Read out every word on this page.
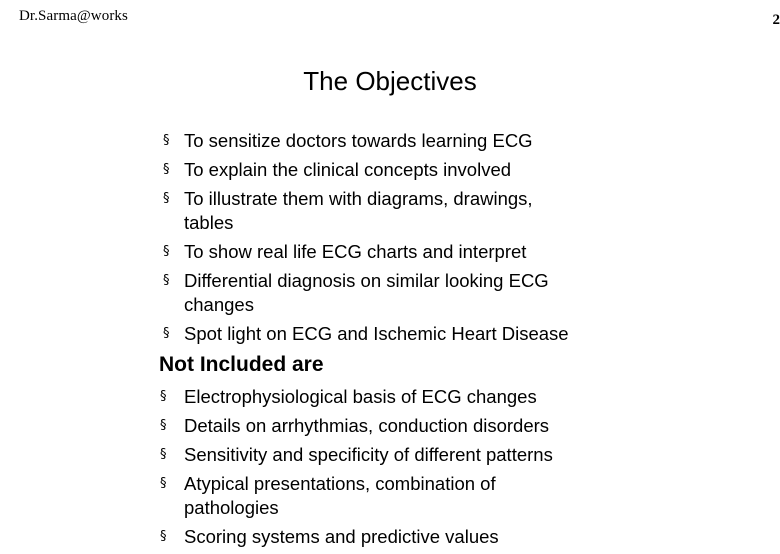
Dr.Sarma@works	2
The Objectives
§ To sensitize doctors towards learning ECG
§ To explain the clinical concepts involved
§ To illustrate them with diagrams, drawings, tables
§ To show real life ECG charts and interpret
§ Differential diagnosis on similar looking ECG changes
§ Spot light on ECG and Ischemic Heart Disease
Not Included are
§ Electrophysiological basis of ECG changes
§ Details on arrhythmias, conduction disorders
§ Sensitivity and specificity of different patterns
§ Atypical presentations, combination of pathologies
§ Scoring systems and predictive values
